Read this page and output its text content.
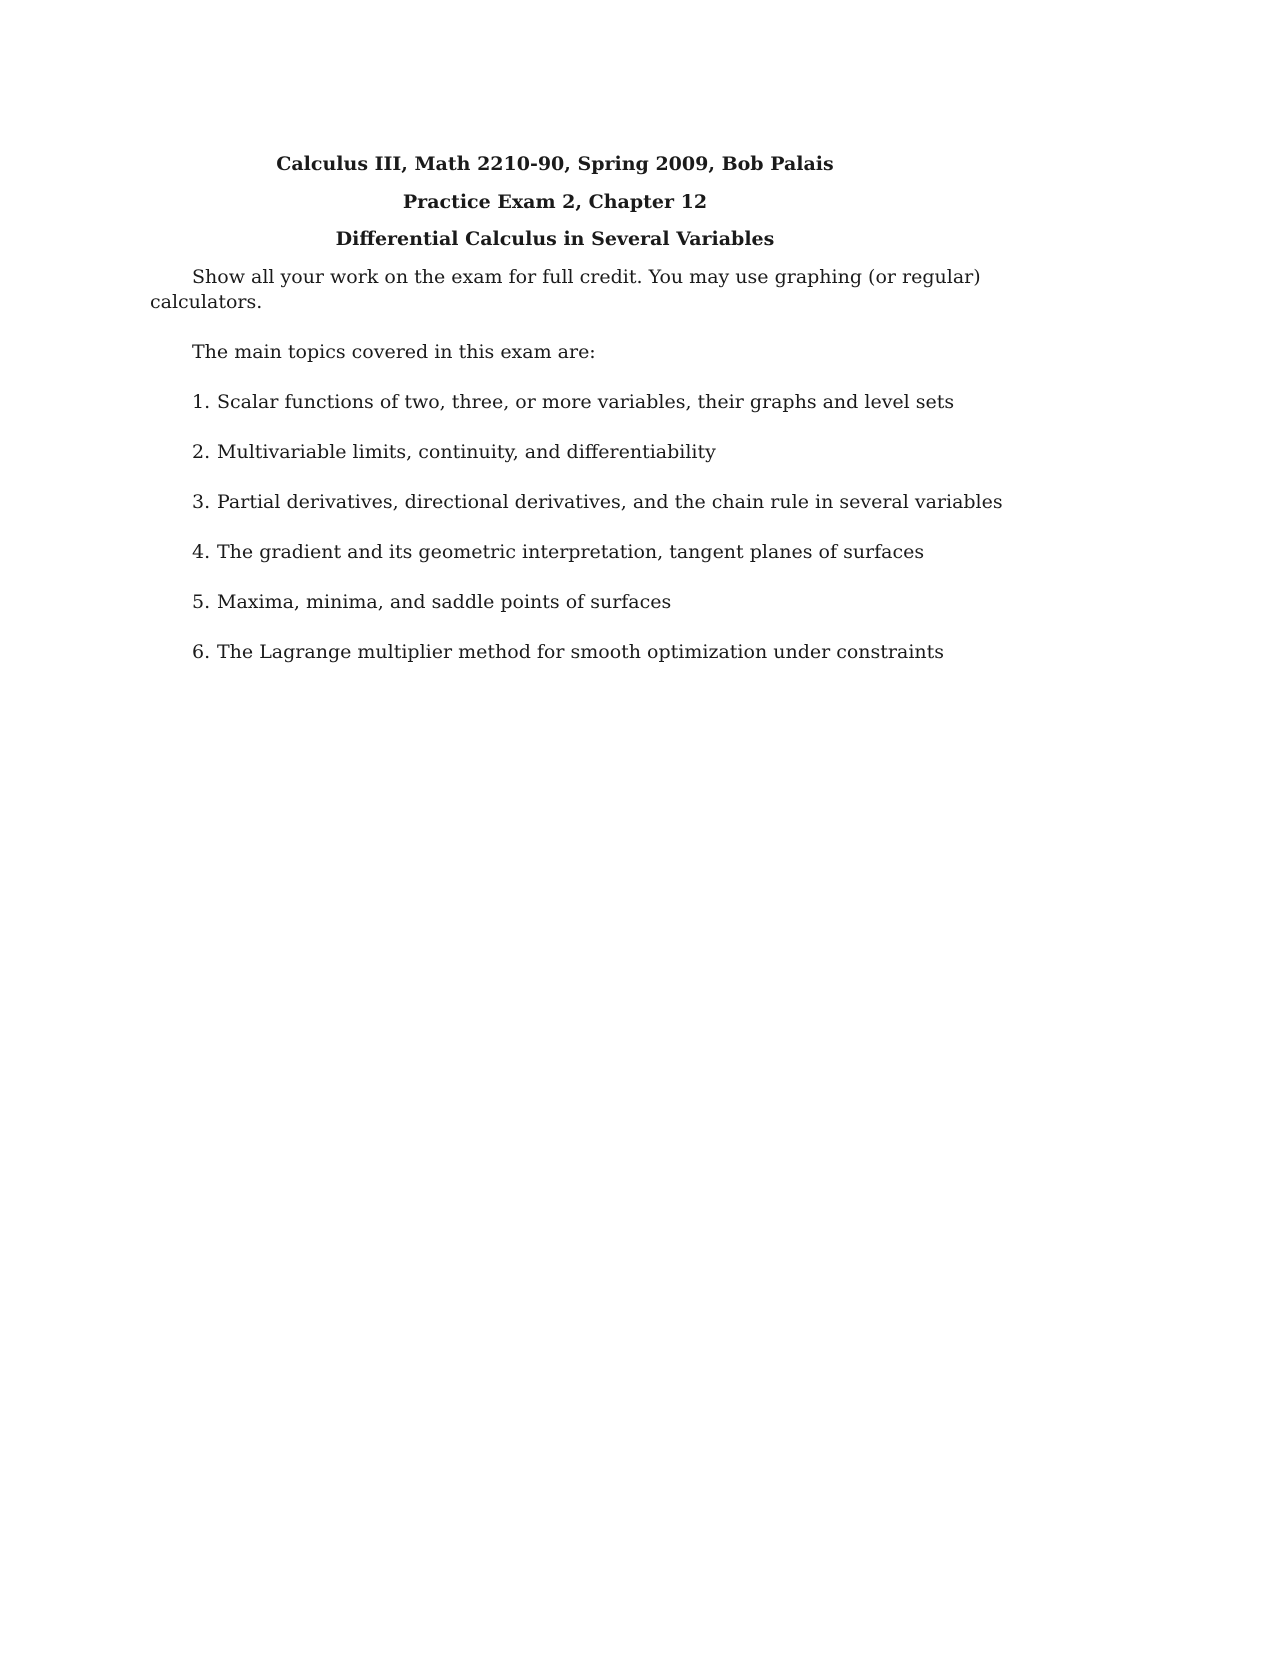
Calculus III, Math 2210-90, Spring 2009, Bob Palais
Practice Exam 2, Chapter 12
Differential Calculus in Several Variables
Show all your work on the exam for full credit. You may use graphing (or regular)
calculators.
The main topics covered in this exam are:
1. Scalar functions of two, three, or more variables, their graphs and level sets
2. Multivariable limits, continuity, and differentiability
3. Partial derivatives, directional derivatives, and the chain rule in several variables
4. The gradient and its geometric interpretation, tangent planes of surfaces
5. Maxima, minima, and saddle points of surfaces
6. The Lagrange multiplier method for smooth optimization under constraints
